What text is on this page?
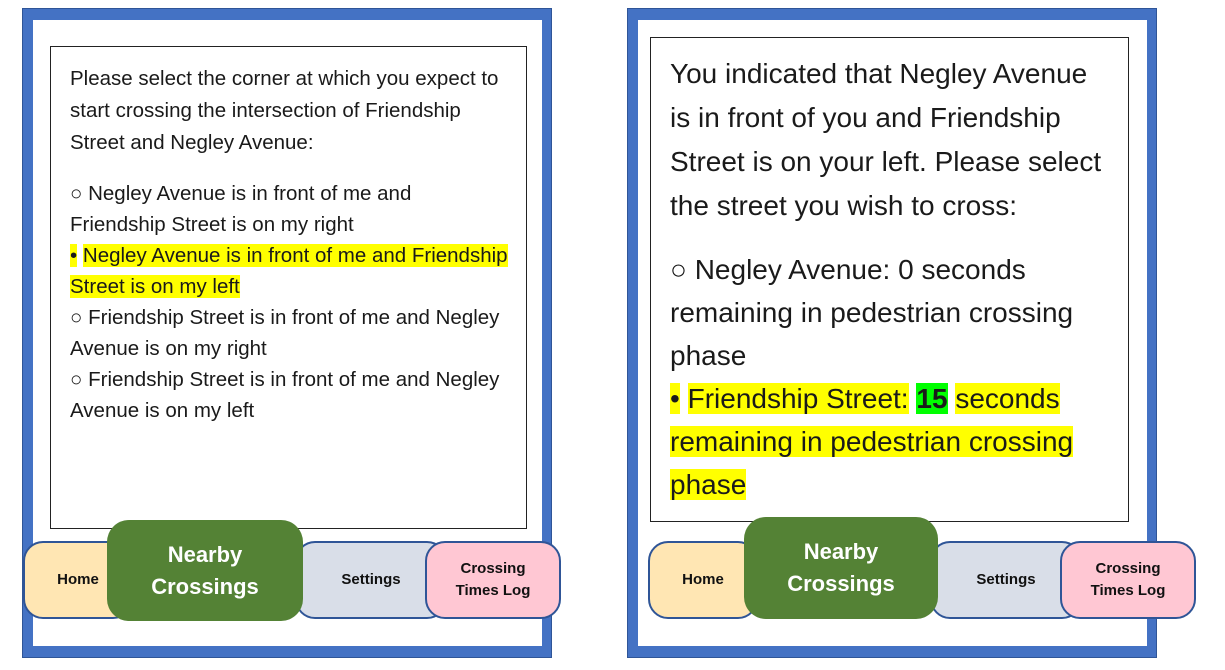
Please select the corner at which you expect to start crossing the intersection of Friendship Street and Negley Avenue:

○ Negley Avenue is in front of me and Friendship Street is on my right
• Negley Avenue is in front of me and Friendship Street is on my left
○ Friendship Street is in front of me and Negley Avenue is on my right
○ Friendship Street is in front of me and Negley Avenue is on my left
Home
Nearby
Crossings	Settings
Crossing
Times Log

You indicated that Negley Avenue is in front of you and Friendship Street is on your left. Please select the street you wish to cross:

○ Negley Avenue: 0 seconds remaining in pedestrian crossing phase
• Friendship Street: 15 seconds remaining in pedestrian crossing phase
Home
Nearby
Crossings	Settings
Crossing
Times Log
